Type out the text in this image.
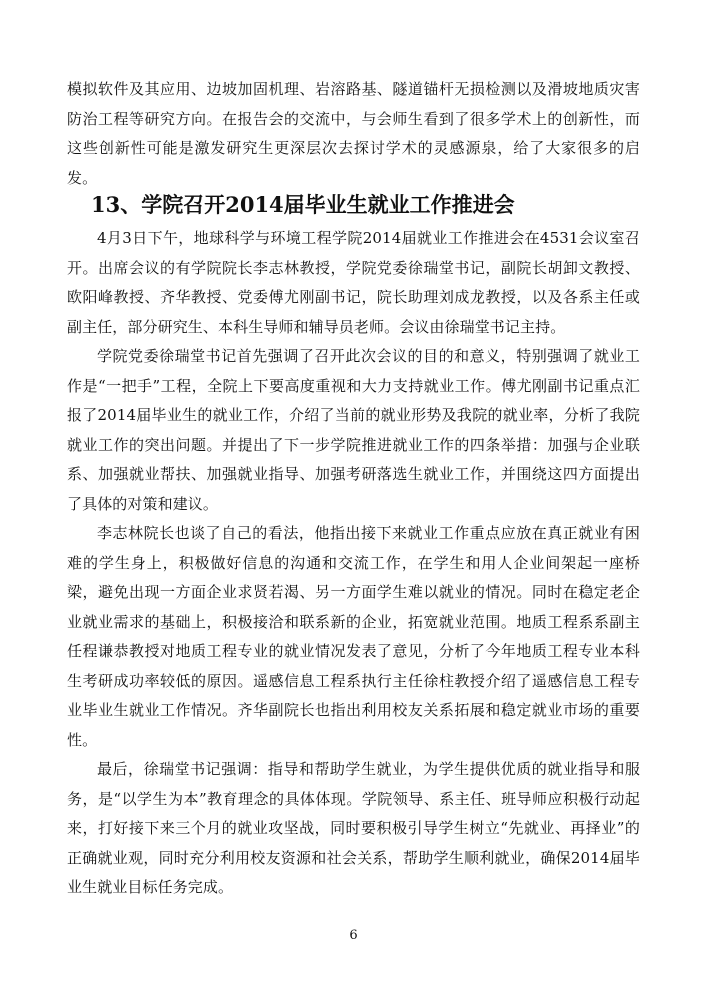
模拟软件及其应用、边坡加固机理、岩溶路基、隧道锚杆无损检测以及滑坡地质灾害防治工程等研究方向。在报告会的交流中，与会师生看到了很多学术上的创新性，而这些创新性可能是激发研究生更深层次去探讨学术的灵感源泉，给了大家很多的启发。

13、学院召开2014届毕业生就业工作推进会

4月3日下午，地球科学与环境工程学院2014届就业工作推进会在4531会议室召开。出席会议的有学院院长李志林教授，学院党委徐瑞堂书记，副院长胡卸文教授、欧阳峰教授、齐华教授、党委傅尤刚副书记，院长助理刘成龙教授，以及各系主任或副主任，部分研究生、本科生导师和辅导员老师。会议由徐瑞堂书记主持。

学院党委徐瑞堂书记首先强调了召开此次会议的目的和意义，特别强调了就业工作是“一把手”工程，全院上下要高度重视和大力支持就业工作。傅尤刚副书记重点汇报了2014届毕业生的就业工作，介绍了当前的就业形势及我院的就业率，分析了我院就业工作的突出问题。并提出了下一步学院推进就业工作的四条举措：加强与企业联系、加强就业帮扶、加强就业指导、加强考研落选生就业工作，并围绕这四方面提出了具体的对策和建议。

李志林院长也谈了自己的看法，他指出接下来就业工作重点应放在真正就业有困难的学生身上，积极做好信息的沟通和交流工作，在学生和用人企业间架起一座桥梁，避免出现一方面企业求贤若渴、另一方面学生难以就业的情况。同时在稳定老企业就业需求的基础上，积极接洽和联系新的企业，拓宽就业范围。地质工程系系副主任程谦恭教授对地质工程专业的就业情况发表了意见，分析了今年地质工程专业本科生考研成功率较低的原因。遥感信息工程系执行主任徐柱教授介绍了遥感信息工程专业毕业生就业工作情况。齐华副院长也指出利用校友关系拓展和稳定就业市场的重要性。

最后，徐瑞堂书记强调：指导和帮助学生就业，为学生提供优质的就业指导和服务，是“以学生为本”教育理念的具体体现。学院领导、系主任、班导师应积极行动起来，打好接下来三个月的就业攻坚战，同时要积极引导学生树立“先就业、再择业”的正确就业观，同时充分利用校友资源和社会关系，帮助学生顺利就业，确保2014届毕业生就业目标任务完成。

6
